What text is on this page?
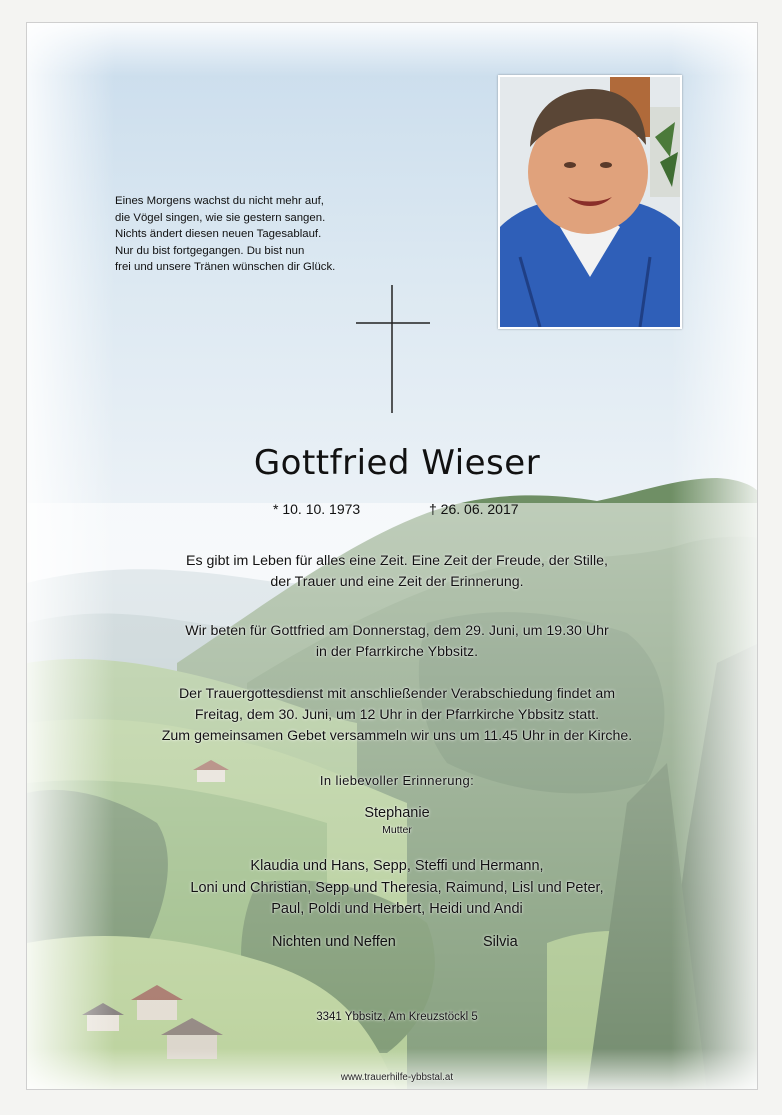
Eines Morgens wachst du nicht mehr auf,
die Vögel singen, wie sie gestern sangen.
Nichts ändert diesen neuen Tagesablauf.
Nur du bist fortgegangen. Du bist nun
frei und unsere Tränen wünschen dir Glück.
Gottfried Wieser
* 10. 10. 1973	† 26. 06. 2017
Es gibt im Leben für alles eine Zeit. Eine Zeit der Freude, der Stille,
der Trauer und eine Zeit der Erinnerung.
Wir beten für Gottfried am Donnerstag, dem 29. Juni, um 19.30 Uhr
in der Pfarrkirche Ybbsitz.
Der Trauergottesdienst mit anschließender Verabschiedung findet am
Freitag, dem 30. Juni, um 12 Uhr in der Pfarrkirche Ybbsitz statt.
Zum gemeinsamen Gebet versammeln wir uns um 11.45 Uhr in der Kirche.
In liebevoller Erinnerung:
Stephanie
Mutter
Klaudia und Hans, Sepp, Steffi und Hermann,
Loni und Christian, Sepp und Theresia, Raimund, Lisl und Peter,
Paul, Poldi und Herbert, Heidi und Andi
Nichten und Neffen	Silvia
3341 Ybbsitz, Am Kreuzstöckl 5
www.trauerhilfe-ybbstal.at
